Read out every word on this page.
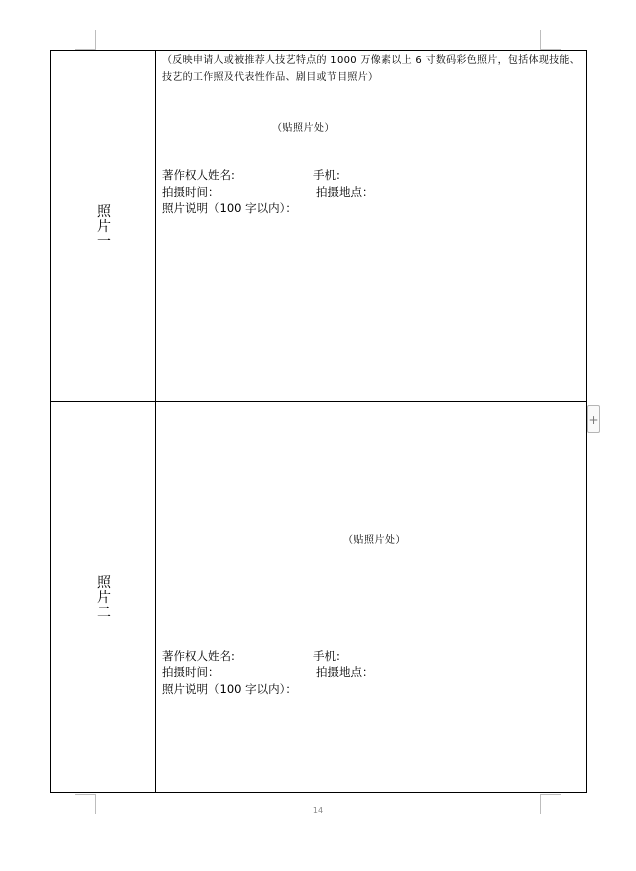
照片一
（反映申请人或被推荐人技艺特点的 1000 万像素以上 6 寸数码彩色照片，包括体现技能、技艺的工作照及代表性作品、剧目或节目照片）
（贴照片处）
著作权人姓名:	手机:
拍摄时间：	拍摄地点：
照片说明（100 字以内）：
照片二
（贴照片处）
著作权人姓名:	手机:
拍摄时间：	拍摄地点：
照片说明（100 字以内）：
+
14
